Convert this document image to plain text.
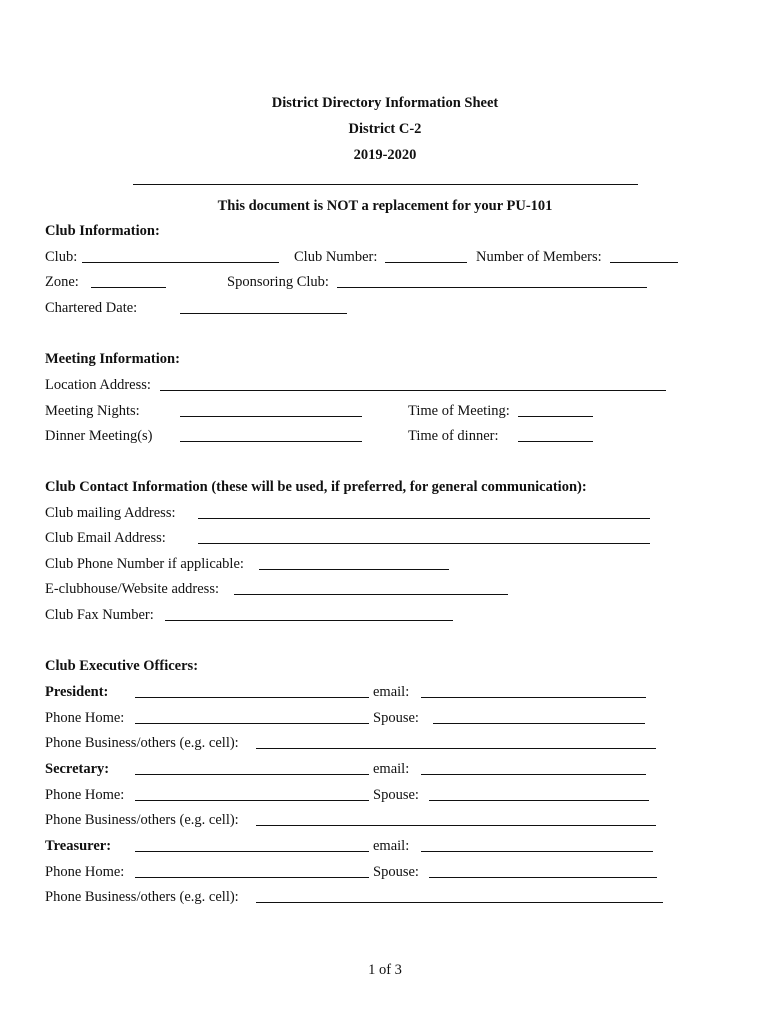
District Directory Information Sheet
District C-2
2019-2020
This document is NOT a replacement for your PU-101
Club Information:
Club:	Club Number:	Number of Members:
Zone:	Sponsoring Club:
Chartered Date:
Meeting Information:
Location Address:
Meeting Nights:	Time of Meeting:
Dinner Meeting(s)	Time of dinner:
Club Contact Information (these will be used, if preferred, for general communication):
Club mailing Address:
Club Email Address:
Club Phone Number if applicable:
E-clubhouse/Website address:
Club Fax Number:
Club Executive Officers:
President:	email:
Phone Home:	Spouse:
Phone Business/others (e.g. cell):
Secretary:	email:
Phone Home:	Spouse:
Phone Business/others (e.g. cell):
Treasurer:	email:
Phone Home:	Spouse:
Phone Business/others (e.g. cell):
1 of 3
